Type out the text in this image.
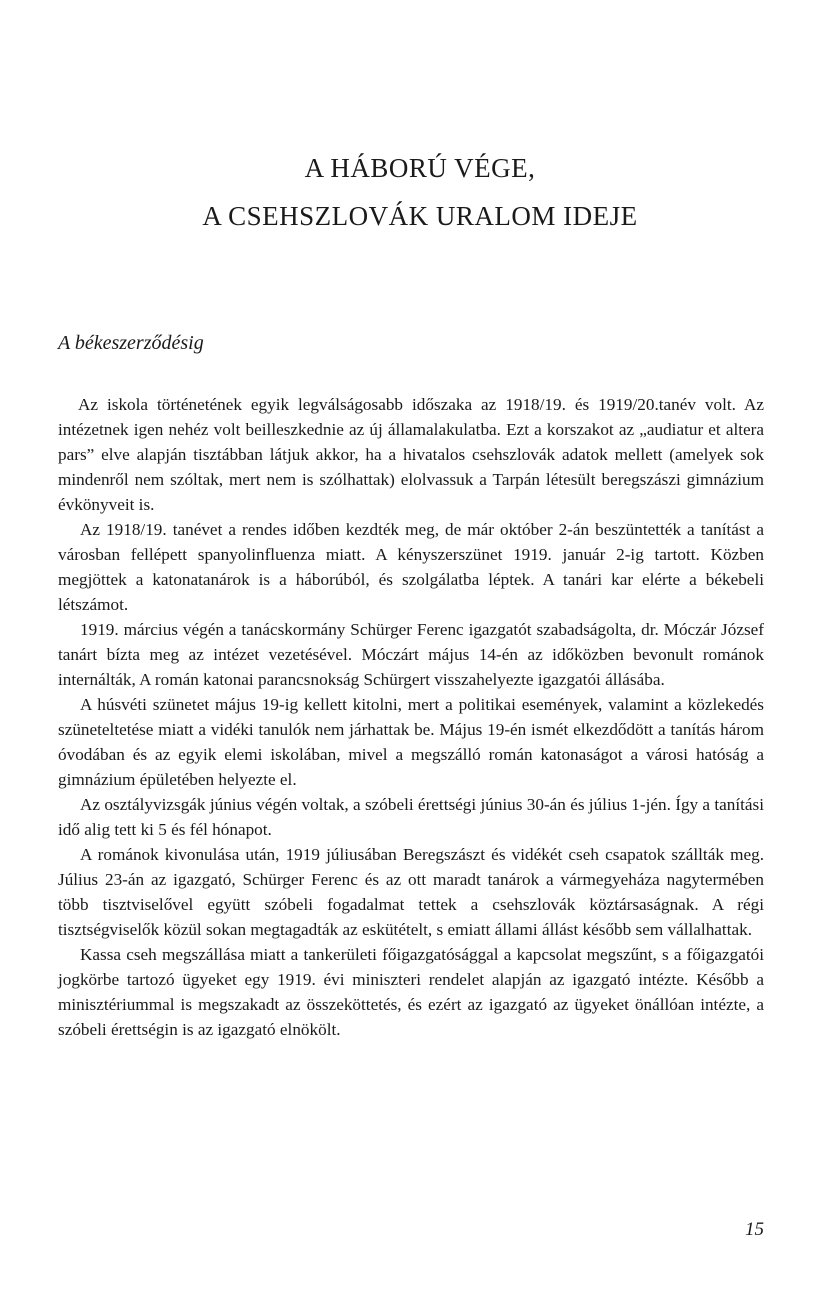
A HÁBORÚ VÉGE,
A CSEHSZLOVÁK URALOM IDEJE
A békeszerződésig

Az iskola történetének egyik legválságosabb időszaka az 1918/19. és 1919/20.tanév volt. Az intézetnek igen nehéz volt beilleszkednie az új államalakulatba. Ezt a korszakot az „audiatur et altera pars” elve alapján tisztábban látjuk akkor, ha a hivatalos csehszlovák adatok mellett (amelyek sok mindenről nem szóltak, mert nem is szólhattak) elolvassuk a Tarpán létesült beregszászi gimnázium évkönyveit is.

Az 1918/19. tanévet a rendes időben kezdték meg, de már október 2-án beszüntették a tanítást a városban fellépett spanyolinfluenza miatt. A kényszerszünet 1919. január 2-ig tartott. Közben megjöttek a katonatanárok is a háborúból, és szolgálatba léptek. A tanári kar elérte a békebeli létszámot.

1919. március végén a tanácskormány Schürger Ferenc igazgatót szabadságolta, dr. Móczár József tanárt bízta meg az intézet vezetésével. Móczárt május 14-én az időközben bevonult románok internálták, A román katonai parancsnokság Schürgert visszahelyezte igazgatói állásába.

A húsvéti szünetet május 19-ig kellett kitolni, mert a politikai események, valamint a közlekedés szüneteltetése miatt a vidéki tanulók nem járhattak be. Május 19-én ismét elkezdődött a tanítás három óvodában és az egyik elemi iskolában, mivel a megszálló román katonaságot a városi hatóság a gimnázium épületében helyezte el.

Az osztályvizsgák június végén voltak, a szóbeli érettségi június 30-án és július 1-jén. Így a tanítási idő alig tett ki 5 és fél hónapot.

A románok kivonulása után, 1919 júliusában Beregszászt és vidékét cseh csapatok szállták meg. Július 23-án az igazgató, Schürger Ferenc és az ott maradt tanárok a vármegyeháza nagytermében több tisztviselővel együtt szóbeli fogadalmat tettek a csehszlovák köztársaságnak. A régi tisztségviselők közül sokan megtagadták az eskütételt, s emiatt állami állást később sem vállalhattak.

Kassa cseh megszállása miatt a tankerületi főigazgatósággal a kapcsolat megszűnt, s a főigazgatói jogkörbe tartozó ügyeket egy 1919. évi miniszteri rendelet alapján az igazgató intézte. Később a minisztériummal is megszakadt az összeköttetés, és ezért az igazgató az ügyeket önállóan intézte, a szóbeli érettségin is az igazgató elnökölt.

15
